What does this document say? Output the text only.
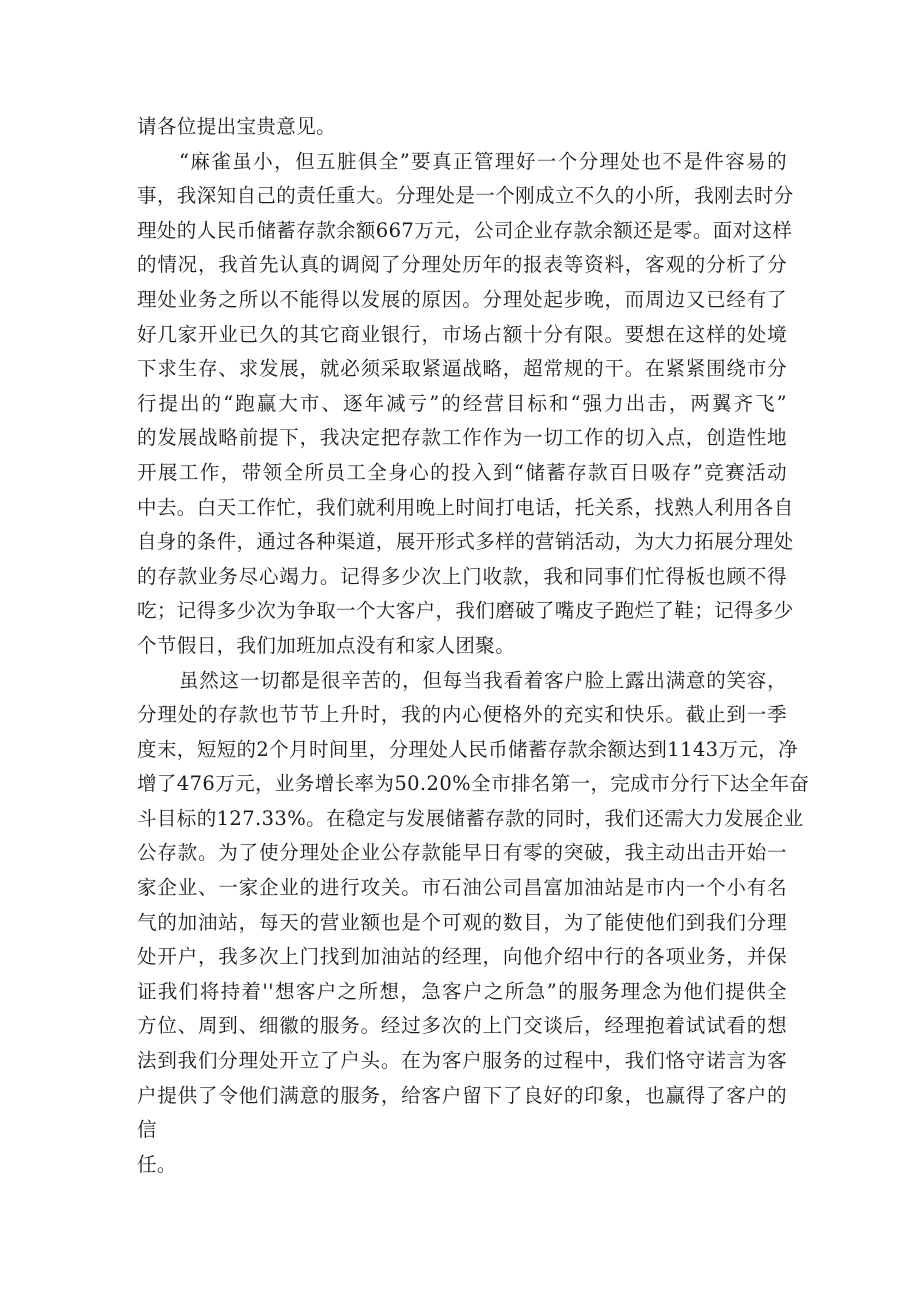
请各位提出宝贵意见。
“麻雀虽小，但五脏俱全”要真正管理好一个分理处也不是件容易的
事，我深知自己的责任重大。分理处是一个刚成立不久的小所，我刚去时分
理处的人民币储蓄存款余额667万元，公司企业存款余额还是零。面对这样
的情况，我首先认真的调阅了分理处历年的报表等资料，客观的分析了分
理处业务之所以不能得以发展的原因。分理处起步晚，而周边又已经有了
好几家开业已久的其它商业银行，市场占额十分有限。要想在这样的处境
下求生存、求发展，就必须采取紧逼战略，超常规的干。在紧紧围绕市分
行提出的“跑赢大市、逐年减亏”的经营目标和“强力出击，两翼齐飞”
的发展战略前提下，我决定把存款工作作为一切工作的切入点，创造性地
开展工作，带领全所员工全身心的投入到“储蓄存款百日吸存”竞赛活动
中去。白天工作忙，我们就利用晚上时间打电话，托关系，找熟人利用各自
自身的条件，通过各种渠道，展开形式多样的营销活动，为大力拓展分理处
的存款业务尽心竭力。记得多少次上门收款，我和同事们忙得板也顾不得
吃；记得多少次为争取一个大客户，我们磨破了嘴皮子跑烂了鞋；记得多少
个节假日，我们加班加点没有和家人团聚。
虽然这一切都是很辛苦的，但每当我看着客户脸上露出满意的笑容，
分理处的存款也节节上升时，我的内心便格外的充实和快乐。截止到一季
度末，短短的2个月时间里，分理处人民币储蓄存款余额达到1143万元，净
增了476万元，业务增长率为50.20%全市排名第一，完成市分行下达全年奋
斗目标的127.33%。在稳定与发展储蓄存款的同时，我们还需大力发展企业
公存款。为了使分理处企业公存款能早日有零的突破，我主动出击开始一
家企业、一家企业的进行攻关。市石油公司昌富加油站是市内一个小有名
气的加油站，每天的营业额也是个可观的数目，为了能使他们到我们分理
处开户，我多次上门找到加油站的经理，向他介绍中行的各项业务，并保
证我们将持着''想客户之所想，急客户之所急”的服务理念为他们提供全
方位、周到、细徽的服务。经过多次的上门交谈后，经理抱着试试看的想
法到我们分理处开立了户头。在为客户服务的过程中，我们恪守诺言为客
户提供了令他们满意的服务，给客户留下了良好的印象，也赢得了客户的
信
任。
